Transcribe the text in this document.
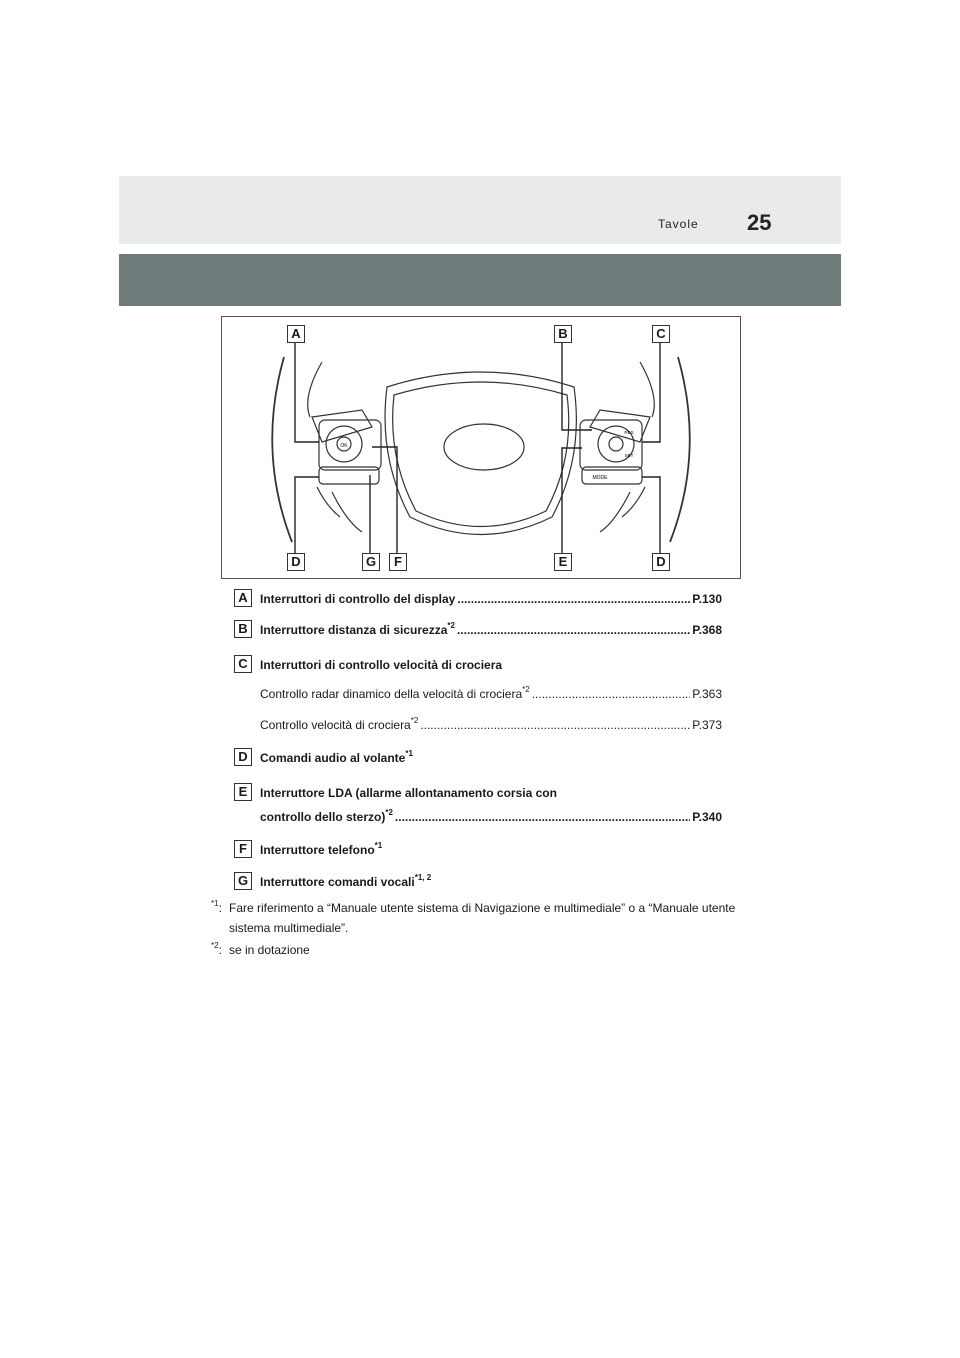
Tavole 25
OK
MODE
RES
SET
A	B	C
D	G	F	E	D
A	Interruttori di controllo del display .....	P.130
B	Interruttore distanza di sicurezza$^{*2}$ .....	P.368
C	Interruttori di controllo velocità di crociera
Controllo radar dinamico della velocità di crociera$^{*2}$ .....	P.363
Controllo velocità di crociera$^{*2}$ .....	P.373
D	Comandi audio al volante$^{*1}$
E	Interruttore LDA (allarme allontanamento corsia con
controllo dello sterzo)$^{*2}$ .....	P.340
F	Interruttore telefono$^{*1}$
G Interruttore comandi vocali$^{*1, 2}$
$^{*1}$: Fare riferimento a “Manuale utente sistema di Navigazione e multimediale” o a “Manuale utente sistema multimediale”.
$^{*2}$: se in dotazione
